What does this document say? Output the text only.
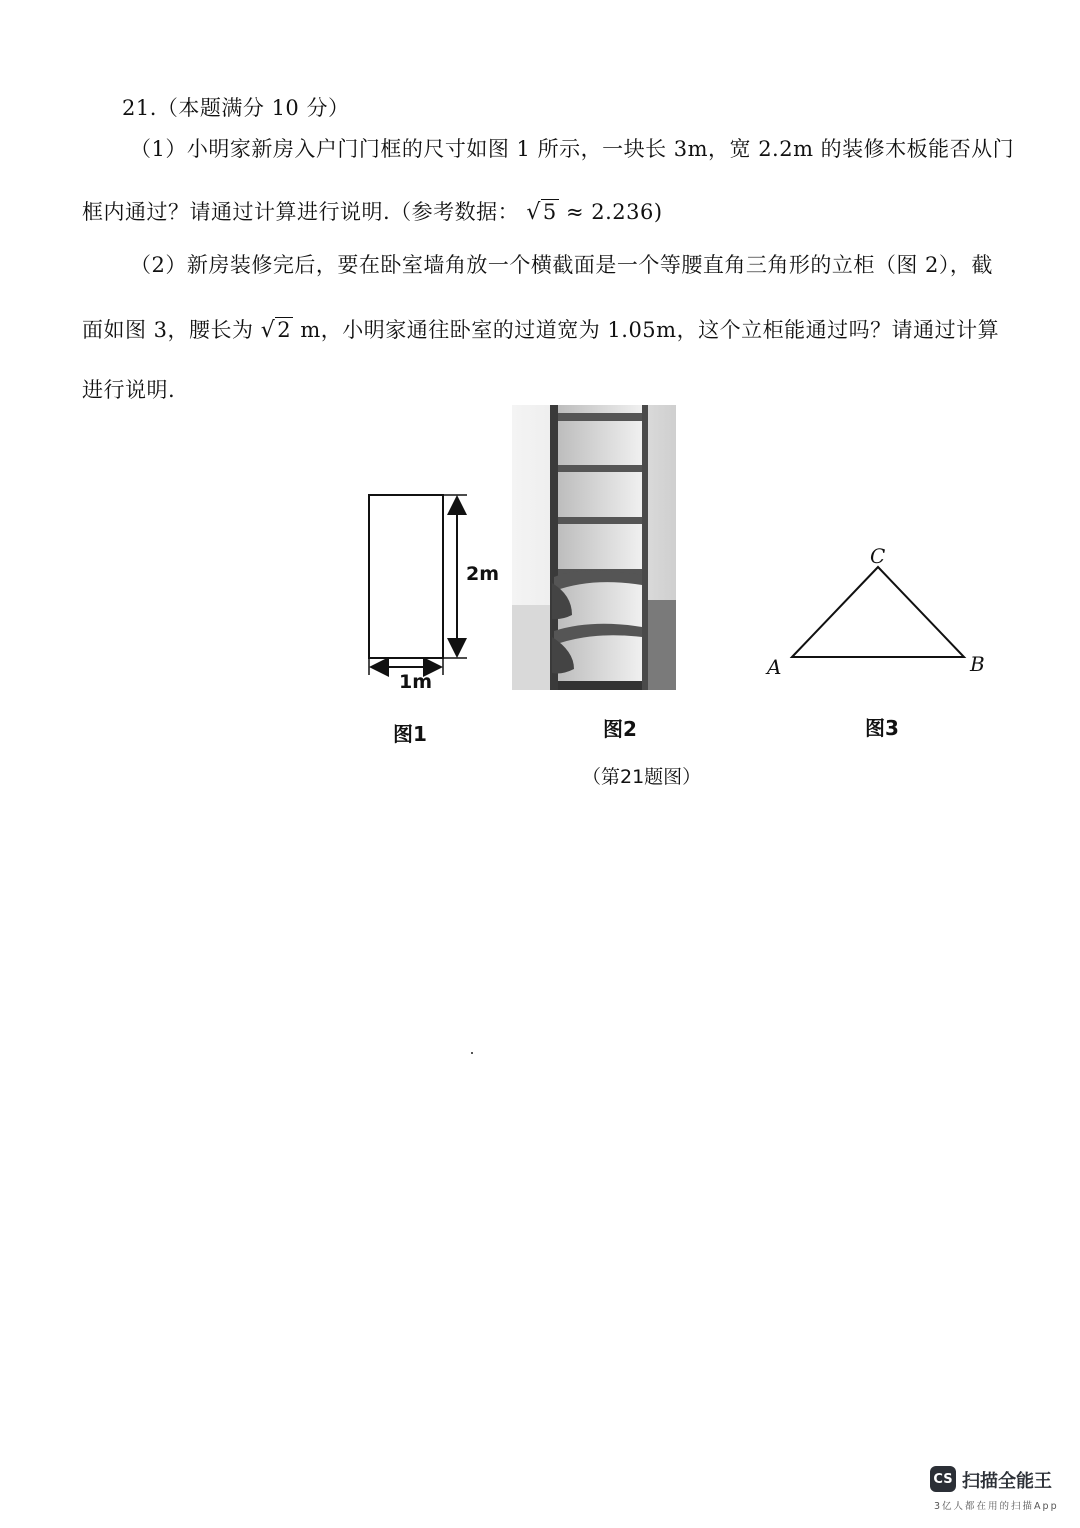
21.（本题满分 10 分）
（1）小明家新房入户门门框的尺寸如图 1 所示，一块长 3m，宽 2.2m 的装修木板能否从门
框内通过？请通过计算进行说明.（参考数据： √5 ≈ 2.236)
（2）新房装修完后，要在卧室墙角放一个横截面是一个等腰直角三角形的立柜（图 2），截
面如图 3，腰长为 √2 m，小明家通往卧室的过道宽为 1.05m，这个立柜能通过吗？请通过计算
进行说明.
2m
1m
C
A	B
图1	图2	图3
（第21题图）
CS 扫描全能王
3亿人都在用的扫描App
